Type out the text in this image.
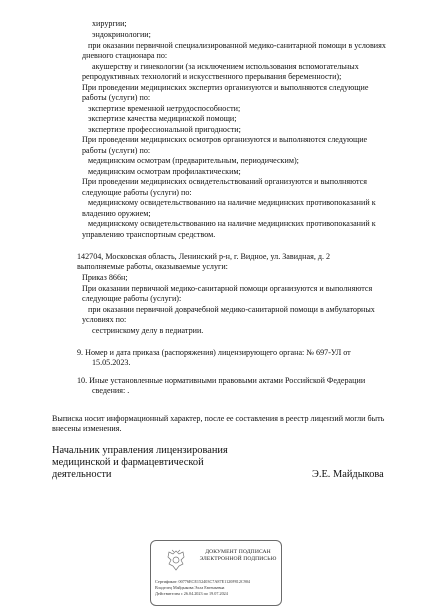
хирургии;
эндокринологии;
при оказании первичной специализированной медико-санитарной помощи в условиях
дневного стационара по:
акушерству и гинекологии (за исключением использования вспомогательных
репродуктивных технологий и искусственного прерывания беременности);
При проведении медицинских экспертиз организуются и выполняются следующие
работы (услуги) по:
экспертизе временной нетрудоспособности;
экспертизе качества медицинской помощи;
экспертизе профессиональной пригодности;
При проведении медицинских осмотров организуются и выполняются следующие
работы (услуги) по:
медицинским осмотрам (предварительным, периодическим);
медицинским осмотрам профилактическим;
При проведении медицинских освидетельствований организуются и выполняются
следующие работы (услуги) по:
медицинскому освидетельствованию на наличие медицинских противопоказаний к
владению оружием;
медицинскому освидетельствованию на наличие медицинских противопоказаний к
управлению транспортным средством.
142704, Московская область, Ленинский р-н, г. Видное, ул. Завидная, д. 2
выполняемые работы, оказываемые услуги:
Приказ 866н;
При оказании первичной медико-санитарной помощи организуются и выполняются
следующие работы (услуги):
при оказании первичной доврачебной медико-санитарной помощи в амбулаторных
условиях по:
сестринскому делу в педиатрии.
9. Номер и дата приказа (распоряжения) лицензирующего органа: № 697-УЛ от
15.05.2023.
10. Иные установленные нормативными правовыми актами Российской Федерации
сведения: .
Выписка носит информационный характер, после ее составления в реестр лицензий могли быть
внесены изменения.
Начальник управления лицензирования
медицинской и фармацевтической
деятельности	Э.Е. Майдыкова
ДОКУМЕНТ ПОДПИСАН
ЭЛЕКТРОННОЙ ПОДПИСЬЮ
Сертификат: 00776ECE152403C7A87E1120F812C904
Владелец Майдыкова Элла Евгеньевна
Действителен с 26.04.2023 по 19.07.2024
